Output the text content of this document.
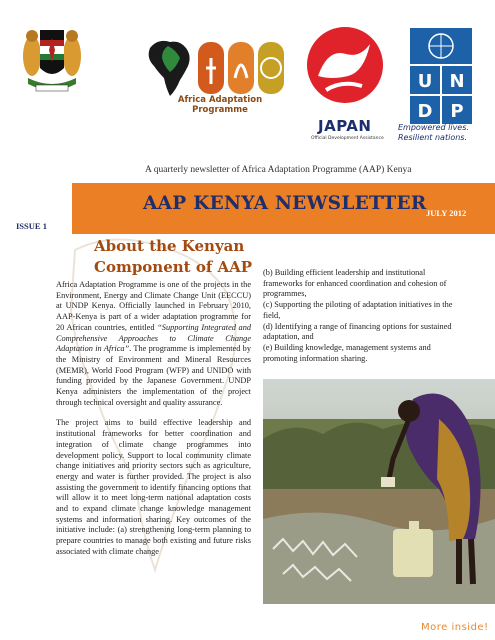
Africa Adaptation Programme
JAPAN
Official Development Assistance
U N
D P
Empowered lives.
Resilient nations.
A quarterly newsletter of Africa Adaptation Programme (AAP) Kenya
AAP KENYA NEWSLETTER JULY 2012
ISSUE 1
About the Kenyan
Component of AAP

Africa Adaptation Programme is one of the projects in the Environment, Energy and Climate Change Unit (EECCU) at UNDP Kenya. Officially launched in February 2010, AAP-Kenya is part of a wider adaptation programme for 20 African countries, entitled “Supporting Integrated and Comprehensive Approaches to Climate Change Adaptation in Africa”. The programme is implemented by the Ministry of Environment and Mineral Resources (MEMR), World Food Program (WFP) and UNIDO with funding provided by the Japanese Government. UNDP Kenya administers the implementation of the project through technical oversight and quality assurance.

The project aims to build effective leadership and institutional frameworks for better coordination and integration of climate change programmes into development policy. Support to local community climate change initiatives and priority sectors such as agriculture, energy and water is further provided. The project is also assisting the government to identify financing options that will allow it to meet long-term national adaptation costs and to expand climate change knowledge management systems and information sharing. Key outcomes of the initiative include: (a) strengthening long-term planning to prepare countries to manage both existing and future risks associated with climate change

(b) Building efficient leadership and institutional frameworks for enhanced coordination and cohesion of programmes,
(c) Supporting the piloting of adaptation initiatives in the field,
(d) Identifying a range of financing options for sustained adaptation, and
(e) Building knowledge, management systems and promoting information sharing.
More inside!
